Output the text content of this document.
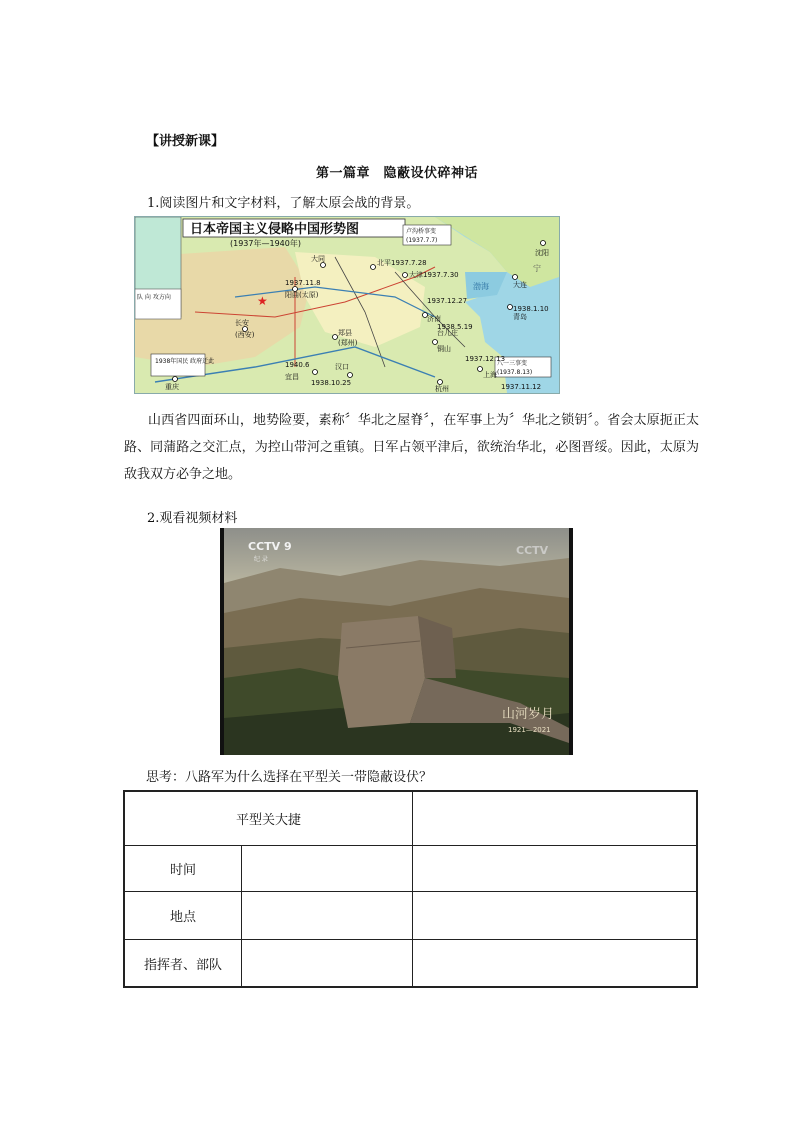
【讲授新课】
第一篇章　隐蔽设伏碎神话
1.阅读图片和文字材料，了解太原会战的背景。
★
日本帝国主义侵略中国形势图
(1937年—1940年)
队 向 攻方向
卢沟桥事变
(1937.7.7)
大同	北平1937.7.28
大津1937.7.30
1937.11.8
阳曲(太原)
1937.12.27
济南
1938.1.10
青岛
台儿庄
1938.5.19
铜山
郑县
(郑州)
长安
(西安)
1940.6
宜昌
汉口
1938.10.25
1938年国民 政府迁此
重庆
上海
1937.11.12
1937.12.13
杭州
八一三事变
(1937.8.13)
沈阳
大连
渤海
宁
山西省四面环山，地势险要，素称〞华北之屋脊〞，在军事上为〞华北之锁钥〞。省会太原扼正太路、同蒲路之交汇点，为控山带河之重镇。日军占领平津后，欲统治华北，必图晋绥。因此，太原为敌我双方必争之地。
2.观看视频材料
CCTV 9
纪 录
CCTV
山河岁月
1921—2021
思考：八路军为什么选择在平型关一带隐蔽设伏？
平型关大捷		
时间		
地点		
指挥者、部队		
